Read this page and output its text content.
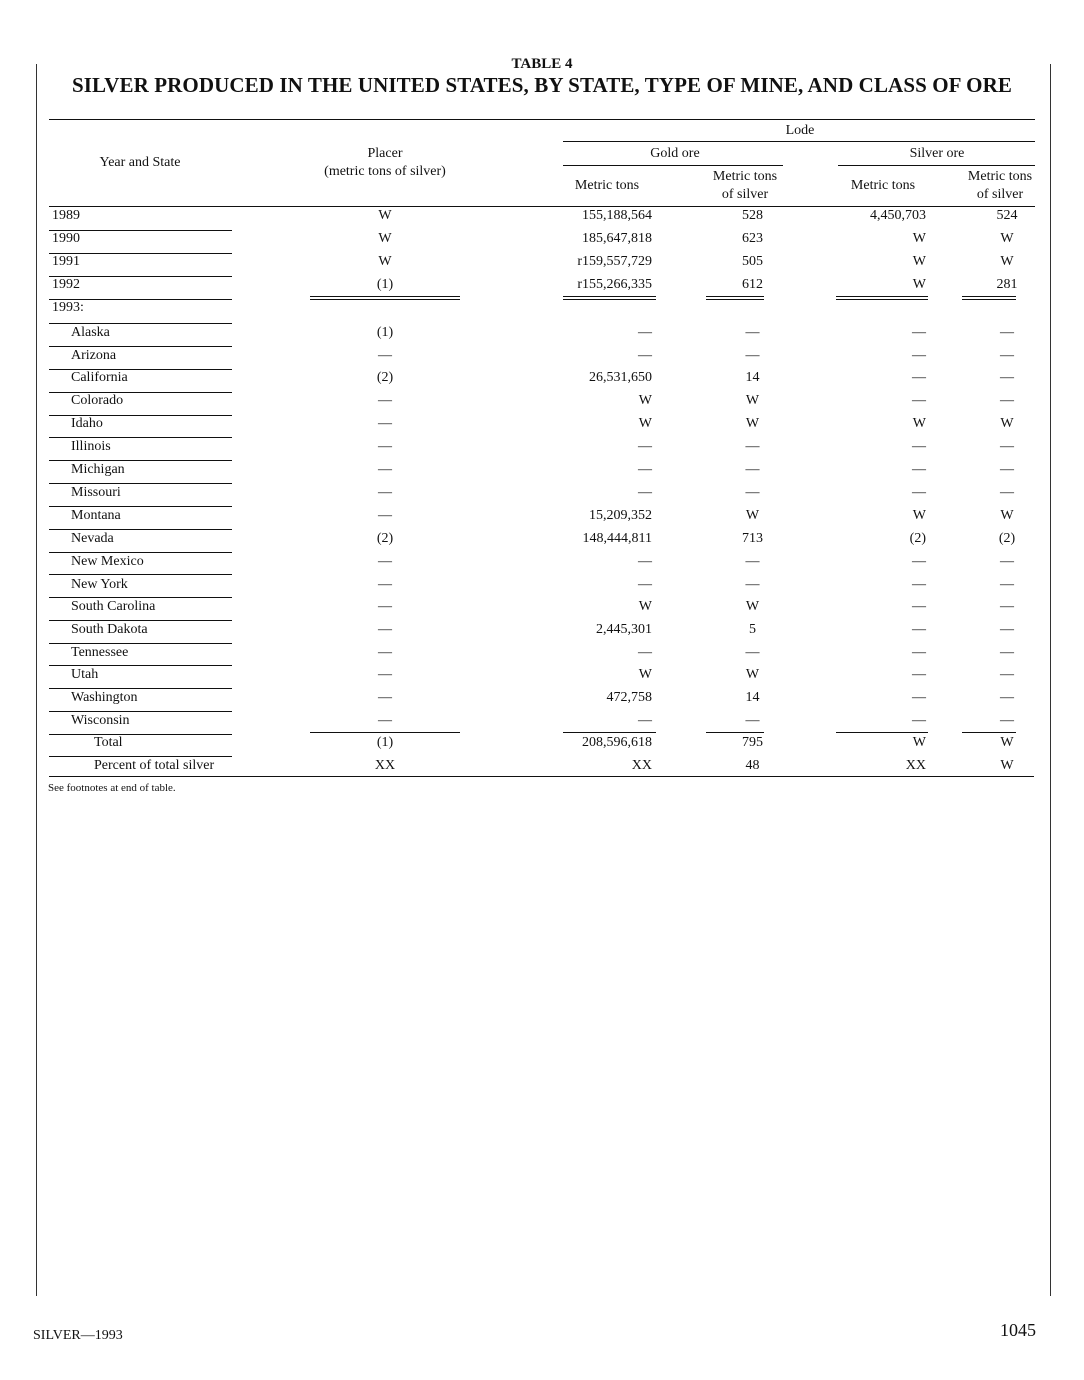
TABLE 4
SILVER PRODUCED IN THE UNITED STATES, BY STATE, TYPE OF MINE, AND CLASS OF ORE
Year and State
Placer
(metric tons of silver)
Lode
Gold ore	Silver ore
Metric tons
Metric tons
of silver
Metric tons
Metric tons
of silver
1989	W	155,188,564	528	4,450,703	524
1990	W	185,647,818	623	W	W
1991	W	r159,557,729	505	W	W
1992	(1)	r155,266,335	612	W	281
1993:
Alaska	(1)	—	—	—	—
Arizona	—	—	—	—	—
California	(2)	26,531,650	14	—	—
Colorado	—	W	W	—	—
Idaho	—	W	W	W	W
Illinois	—	—	—	—	—
Michigan	—	—	—	—	—
Missouri	—	—	—	—	—
Montana	—	15,209,352	W	W	W
Nevada	(2)	148,444,811	713	(2)	(2)
New Mexico	—	—	—	—	—
New York	—	—	—	—	—
South Carolina	—	W	W	—	—
South Dakota	—	2,445,301	5	—	—
Tennessee	—	—	—	—	—
Utah	—	W	W	—	—
Washington	—	472,758	14	—	—
Wisconsin	—	—	—	—	—
Total	(1)	208,596,618	795	W	W
Percent of total silver	XX	XX	48	XX	W
See footnotes at end of table.
SILVER—1993	1045
